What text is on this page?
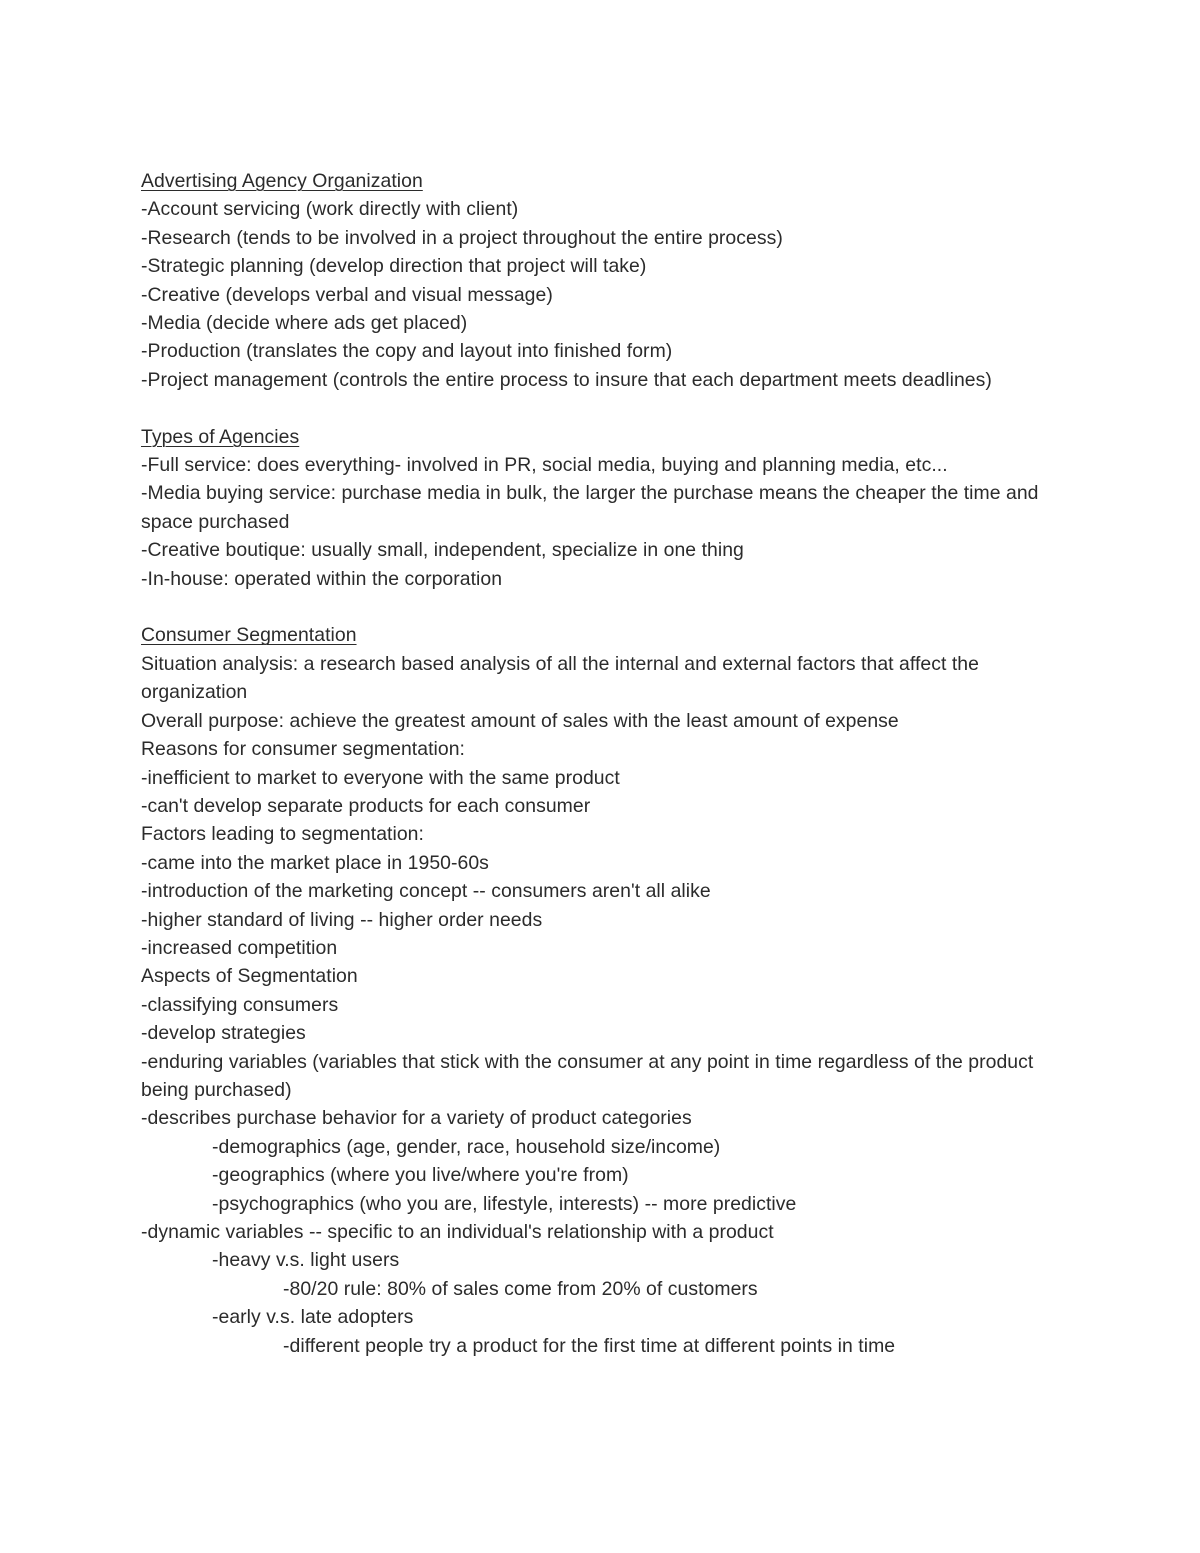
Advertising Agency Organization

-Account servicing (work directly with client)

-Research (tends to be involved in a project throughout the entire process)

-Strategic planning (develop direction that project will take)

-Creative (develops verbal and visual message)

-Media (decide where ads get placed)

-Production (translates the copy and layout into finished form)

-Project management (controls the entire process to insure that each department meets deadlines)

Types of Agencies

-Full service: does everything- involved in PR, social media, buying and planning media, etc...

-Media buying service: purchase media in bulk, the larger the purchase means the cheaper the time and space purchased

-Creative boutique: usually small, independent, specialize in one thing

-In-house: operated within the corporation

Consumer Segmentation

Situation analysis: a research based analysis of all the internal and external factors that affect the organization

Overall purpose: achieve the greatest amount of sales with the least amount of expense

Reasons for consumer segmentation:

-inefficient to market to everyone with the same product

-can't develop separate products for each consumer

Factors leading to segmentation:

-came into the market place in 1950-60s

-introduction of the marketing concept -- consumers aren't all alike

-higher standard of living -- higher order needs

-increased competition

Aspects of Segmentation

-classifying consumers

-develop strategies

-enduring variables (variables that stick with the consumer at any point in time regardless of the product being purchased)

-describes purchase behavior for a variety of product categories

-demographics (age, gender, race, household size/income)

-geographics (where you live/where you're from)

-psychographics (who you are, lifestyle, interests) -- more predictive

-dynamic variables -- specific to an individual's relationship with a product

-heavy v.s. light users

-80/20 rule: 80% of sales come from 20% of customers

-early v.s. late adopters

-different people try a product for the first time at different points in time
